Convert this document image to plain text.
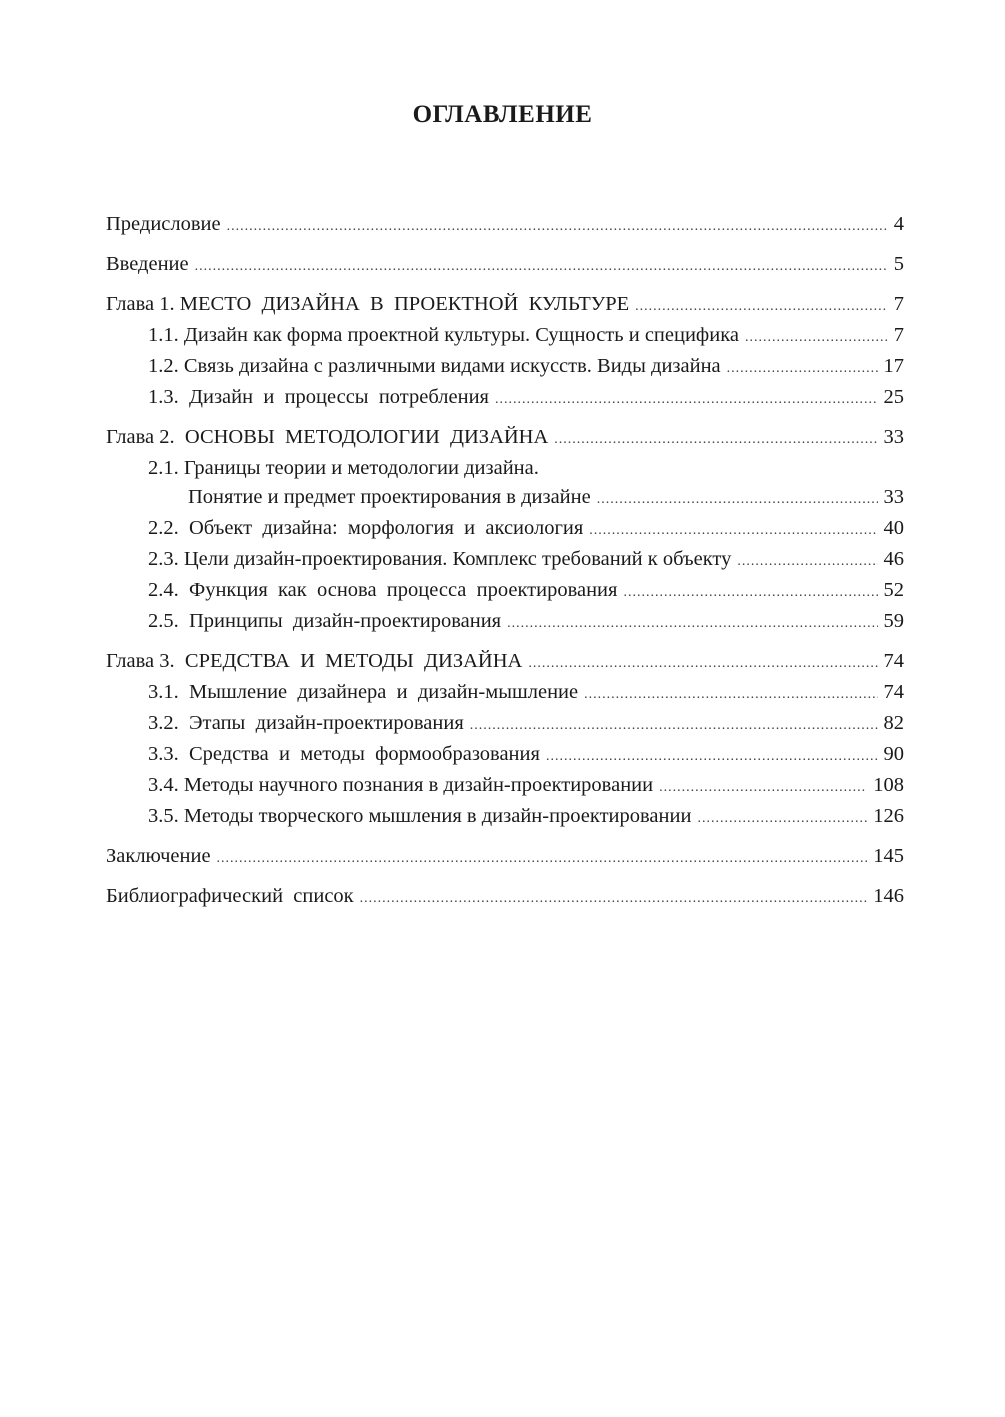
ОГЛАВЛЕНИЕ
Предисловие .....	4
Введение .....	5
Глава 1. МЕСТО  ДИЗАЙНА  В  ПРОЕКТНОЙ  КУЛЬТУРЕ .....	7
1.1. Дизайн как форма проектной культуры. Сущность и специфика .....	7
1.2. Связь дизайна с различными видами искусств. Виды дизайна .....	17
1.3.  Дизайн  и  процессы  потребления .....	25
Глава 2.  ОСНОВЫ  МЕТОДОЛОГИИ  ДИЗАЙНА .....	33
2.1. Границы теории и методологии дизайна.
Понятие и предмет проектирования в дизайне .....	33
2.2.  Объект  дизайна:  морфология  и  аксиология .....	40
2.3. Цели дизайн-проектирования. Комплекс требований к объекту .....	46
2.4.  Функция  как  основа  процесса  проектирования .....	52
2.5.  Принципы  дизайн-проектирования .....	59
Глава 3.  СРЕДСТВА  И  МЕТОДЫ  ДИЗАЙНА .....	74
3.1.  Мышление  дизайнера  и  дизайн-мышление .....	74
3.2.  Этапы  дизайн-проектирования .....	82
3.3.  Средства  и  методы  формообразования .....	90
3.4. Методы научного познания в дизайн-проектировании .....	108
3.5. Методы творческого мышления в дизайн-проектировании .....	126
Заключение .....	145
Библиографический  список .....	146
